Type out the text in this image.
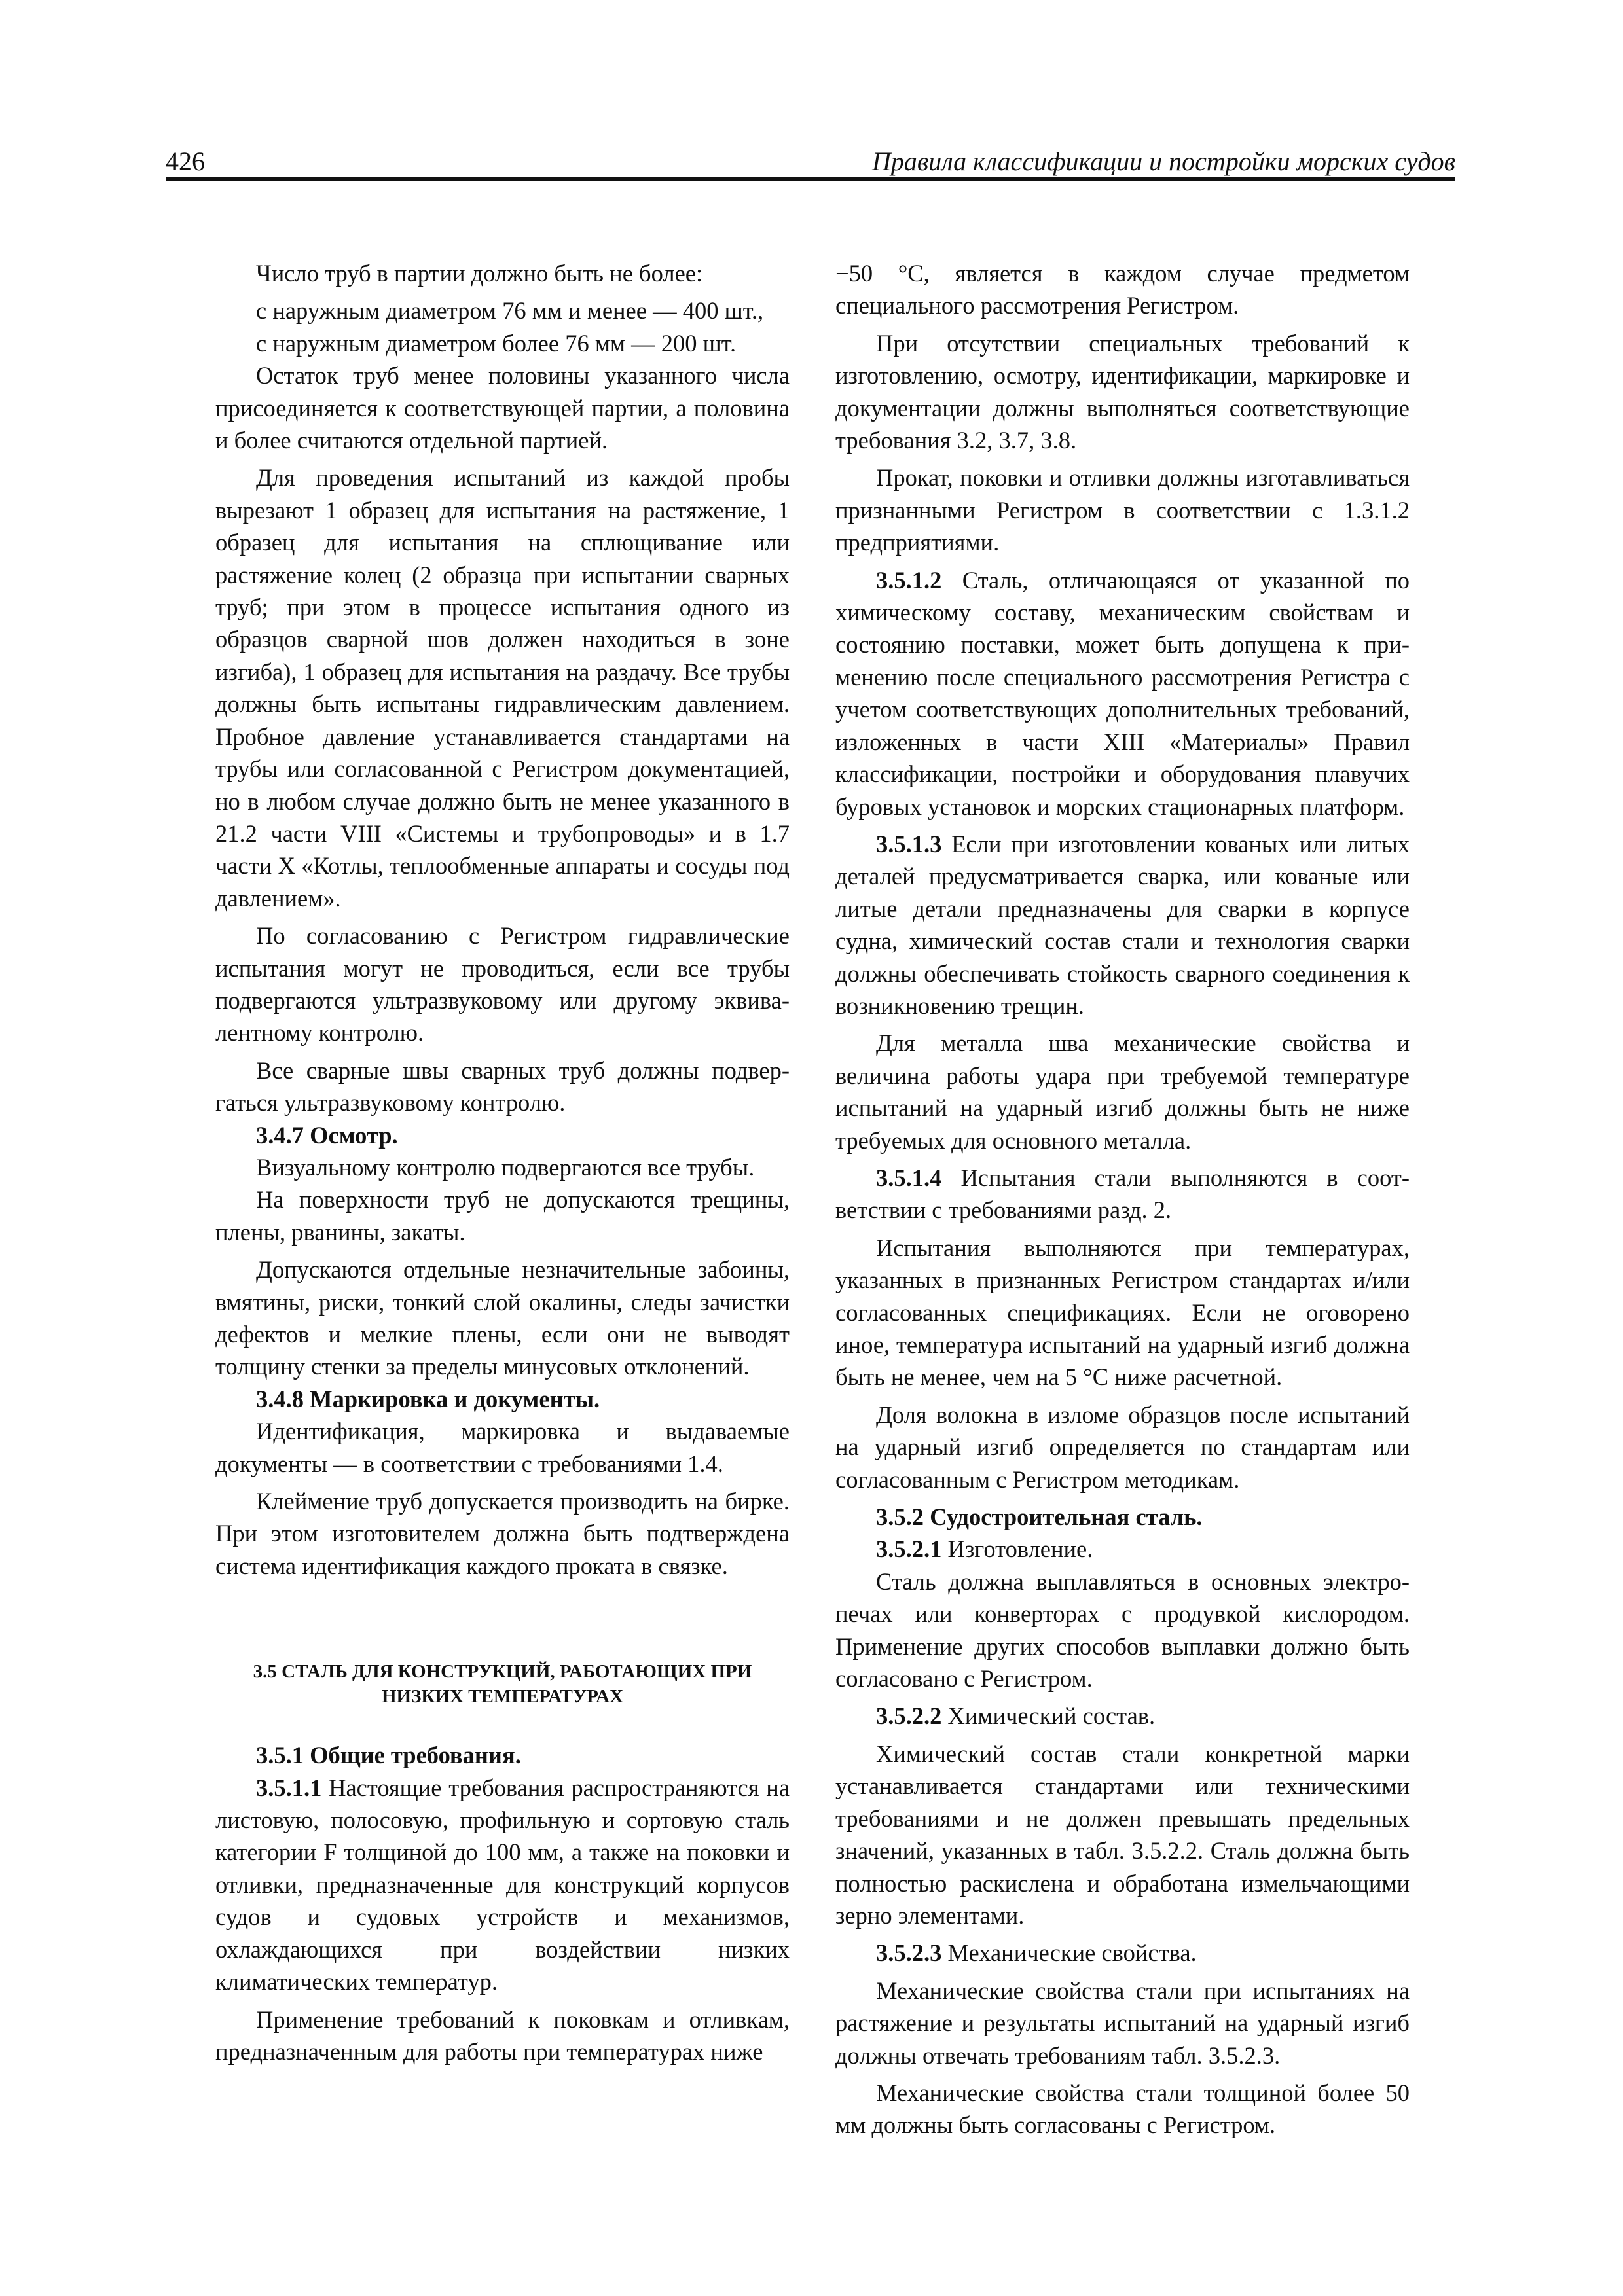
426	Правила классификации и постройки морских судов

Число труб в партии должно быть не более:

с наружным диаметром 76 мм и менее — 400 шт.,

с наружным диаметром более 76 мм — 200 шт.

Остаток труб менее половины указанного числа присоединяется к соответствующей партии, а половина и более считаются отдельной партией.

Для проведения испытаний из каждой пробы вырезают 1 образец для испытания на растяжение, 1 образец для испытания на сплющивание или растяжение колец (2 образца при испытании сварных труб; при этом в процессе испытания одного из образцов сварной шов должен находиться в зоне изгиба), 1 образец для испытания на раздачу. Все трубы должны быть испытаны гидравлическим давлением. Пробное давление устанавливается стандартами на трубы или согласованной с Регистром документацией, но в любом случае должно быть не менее указанного в 21.2 части VIII «Системы и трубопроводы» и в 1.7 части X «Котлы, теплообменные аппараты и сосуды под давлением».

По согласованию с Регистром гидравлические испытания могут не проводиться, если все трубы подвергаются ультразвуковому или другому эквивалентному контролю.

Все сварные швы сварных труб должны подвергаться ультразвуковому контролю.

3.4.7 Осмотр.

Визуальному контролю подвергаются все трубы.

На поверхности труб не допускаются трещины, плены, рванины, закаты.

Допускаются отдельные незначительные забоины, вмятины, риски, тонкий слой окалины, следы зачистки дефектов и мелкие плены, если они не выводят толщину стенки за пределы минусовых отклонений.

3.4.8 Маркировка и документы.

Идентификация, маркировка и выдаваемые документы — в соответствии с требованиями 1.4.

Клеймение труб допускается производить на бирке. При этом изготовителем должна быть подтверждена система идентификация каждого проката в связке.

3.5 СТАЛЬ ДЛЯ КОНСТРУКЦИЙ, РАБОТАЮЩИХ ПРИ НИЗКИХ ТЕМПЕРАТУРАХ

3.5.1 Общие требования.

3.5.1.1 Настоящие требования распространяются на листовую, полосовую, профильную и сортовую сталь категории F толщиной до 100 мм, а также на поковки и отливки, предназначенные для конструкций корпусов судов и судовых устройств и механизмов, охлаждающихся при воздействии низких климатических температур.

Применение требований к поковкам и отливкам, предназначенным для работы при температурах ниже

−50 °C, является в каждом случае предметом специального рассмотрения Регистром.

При отсутствии специальных требований к изготовлению, осмотру, идентификации, маркировке и документации должны выполняться соответствующие требования 3.2, 3.7, 3.8.

Прокат, поковки и отливки должны изготавливаться признанными Регистром в соответствии с 1.3.1.2 предприятиями.

3.5.1.2 Сталь, отличающаяся от указанной по химическому составу, механическим свойствам и состоянию поставки, может быть допущена к применению после специального рассмотрения Регистра с учетом соответствующих дополнительных требований, изложенных в части XIII «Материалы» Правил классификации, постройки и оборудования плавучих буровых установок и морских стационарных платформ.

3.5.1.3 Если при изготовлении кованых или литых деталей предусматривается сварка, или кованые или литые детали предназначены для сварки в корпусе судна, химический состав стали и технология сварки должны обеспечивать стойкость сварного соединения к возникновению трещин.

Для металла шва механические свойства и величина работы удара при требуемой температуре испытаний на ударный изгиб должны быть не ниже требуемых для основного металла.

3.5.1.4 Испытания стали выполняются в соответствии с требованиями разд. 2.

Испытания выполняются при температурах, указанных в признанных Регистром стандартах и/или согласованных спецификациях. Если не оговорено иное, температура испытаний на ударный изгиб должна быть не менее, чем на 5 °C ниже расчетной.

Доля волокна в изломе образцов после испытаний на ударный изгиб определяется по стандартам или согласованным с Регистром методикам.

3.5.2 Судостроительная сталь.

3.5.2.1 Изготовление.

Сталь должна выплавляться в основных электропечах или конверторах с продувкой кислородом. Применение других способов выплавки должно быть согласовано с Регистром.

3.5.2.2 Химический состав.

Химический состав стали конкретной марки устанавливается стандартами или техническими требованиями и не должен превышать предельных значений, указанных в табл. 3.5.2.2. Сталь должна быть полностью раскислена и обработана измельчающими зерно элементами.

3.5.2.3 Механические свойства.

Механические свойства стали при испытаниях на растяжение и результаты испытаний на ударный изгиб должны отвечать требованиям табл. 3.5.2.3.

Механические свойства стали толщиной более 50 мм должны быть согласованы с Регистром.
